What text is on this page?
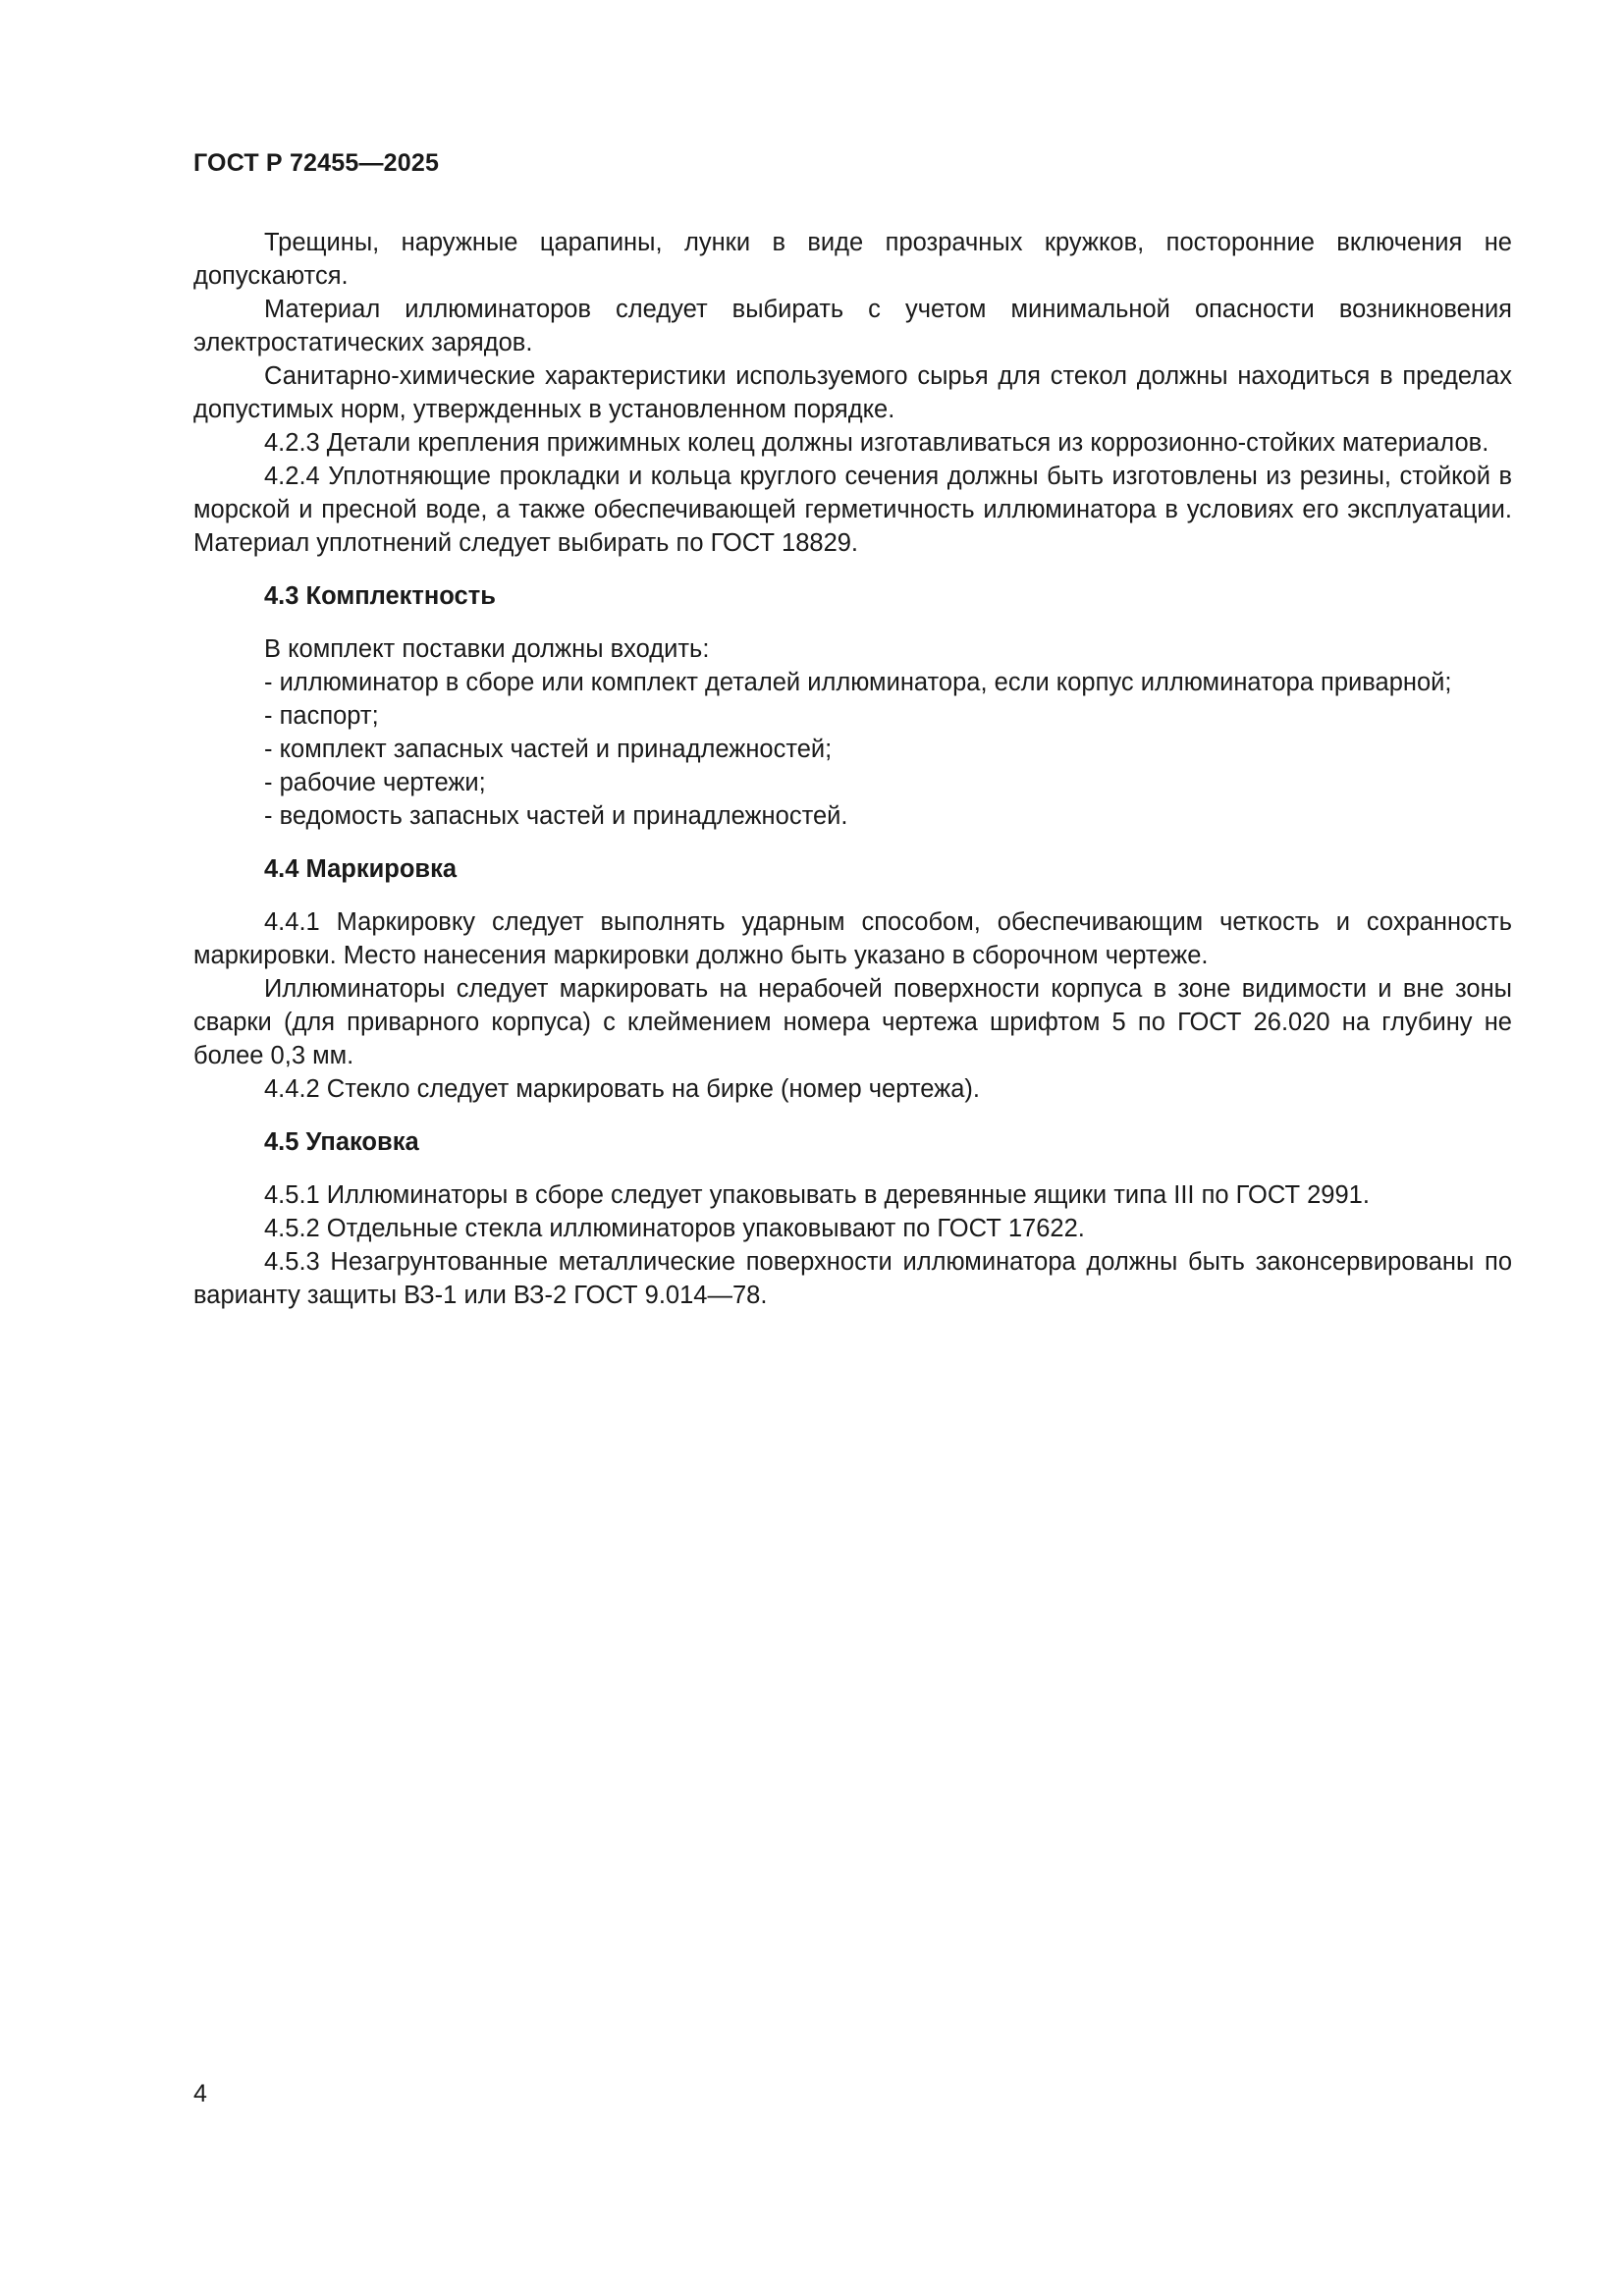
ГОСТ Р 72455—2025

Трещины, наружные царапины, лунки в виде прозрачных кружков, посторонние включения не допускаются.

Материал иллюминаторов следует выбирать с учетом минимальной опасности возникновения электростатических зарядов.

Санитарно-химические характеристики используемого сырья для стекол должны находиться в пределах допустимых норм, утвержденных в установленном порядке.

4.2.3 Детали крепления прижимных колец должны изготавливаться из коррозионно-стойких материалов.

4.2.4 Уплотняющие прокладки и кольца круглого сечения должны быть изготовлены из резины, стойкой в морской и пресной воде, а также обеспечивающей герметичность иллюминатора в условиях его эксплуатации. Материал уплотнений следует выбирать по ГОСТ 18829.

4.3 Комплектность

В комплект поставки должны входить:

- иллюминатор в сборе или комплект деталей иллюминатора, если корпус иллюминатора приварной;

- паспорт;

- комплект запасных частей и принадлежностей;

- рабочие чертежи;

- ведомость запасных частей и принадлежностей.

4.4 Маркировка

4.4.1 Маркировку следует выполнять ударным способом, обеспечивающим четкость и сохранность маркировки. Место нанесения маркировки должно быть указано в сборочном чертеже.

Иллюминаторы следует маркировать на нерабочей поверхности корпуса в зоне видимости и вне зоны сварки (для приварного корпуса) с клеймением номера чертежа шрифтом 5 по ГОСТ 26.020 на глубину не более 0,3 мм.

4.4.2 Стекло следует маркировать на бирке (номер чертежа).

4.5 Упаковка

4.5.1 Иллюминаторы в сборе следует упаковывать в деревянные ящики типа III по ГОСТ 2991.

4.5.2 Отдельные стекла иллюминаторов упаковывают по ГОСТ 17622.

4.5.3 Незагрунтованные металлические поверхности иллюминатора должны быть законсервированы по варианту защиты ВЗ-1 или ВЗ-2 ГОСТ 9.014—78.

4
